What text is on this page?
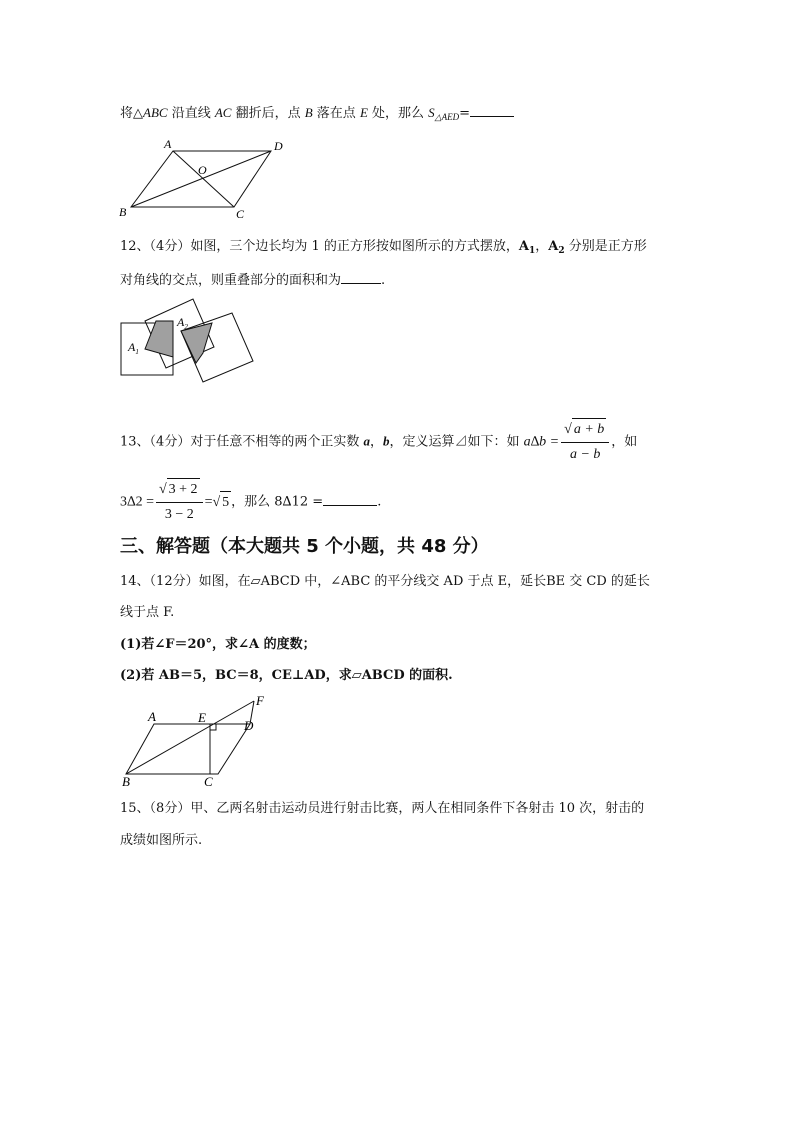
将△ABC 沿直线 AC 翻折后，点 B 落在点 E 处，那么 $S_{\triangle AED}=$
A	D
O
B	C
12、（4分）如图，三个边长均为 1 的正方形按如图所示的方式摆放，$A_1$，$A_2$ 分别是正方形
对角线的交点，则重叠部分的面积和为	.
$A_1$
$A_2$
13、（4分）对于任意不相等的两个正实数 a，b，定义运算⊿如下：如 $a\Delta b = \frac{√ a + b}{a - b}$ ，如
$3\Delta 2 = \frac{√ 3 + 2}{3 - 2}$ =√ 5 ，那么 8∆12 =	.
三、解答题（本大题共 5 个小题，共 48 分）
14、（12分）如图，在▱ABCD 中，∠ABC 的平分线交 AD 于点 E，延长BE 交 CD 的延长
线于点 F.
(1)若∠F＝20°，求∠A 的度数；
(2)若 AB＝5，BC＝8，CE⊥AD，求▱ABCD 的面积.
A	E
F
D
B	C
15、（8分）甲、乙两名射击运动员进行射击比赛，两人在相同条件下各射击 10 次，射击的
成绩如图所示.
